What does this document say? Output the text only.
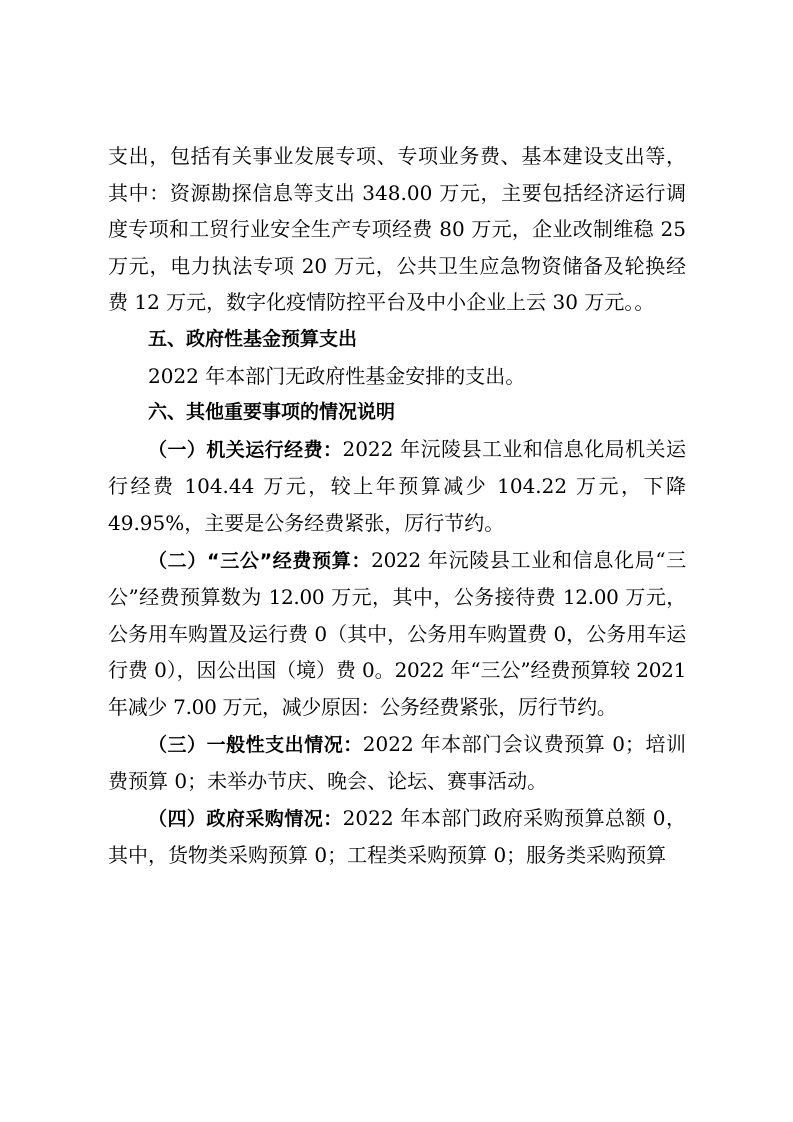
支出，包括有关事业发展专项、专项业务费、基本建设支出等，其中：资源勘探信息等支出 348.00 万元，主要包括经济运行调度专项和工贸行业安全生产专项经费 80 万元，企业改制维稳 25万元，电力执法专项 20 万元，公共卫生应急物资储备及轮换经费 12 万元，数字化疫情防控平台及中小企业上云 30 万元。。

五、政府性基金预算支出

2022 年本部门无政府性基金安排的支出。

六、其他重要事项的情况说明

（一）机关运行经费：2022 年沅陵县工业和信息化局机关运行经费 104.44 万元，较上年预算减少 104.22 万元，下降49.95%，主要是公务经费紧张，厉行节约。

（二）“三公”经费预算：2022 年沅陵县工业和信息化局“三公”经费预算数为 12.00 万元，其中，公务接待费 12.00 万元，公务用车购置及运行费 0（其中，公务用车购置费 0，公务用车运行费 0），因公出国（境）费 0。2022 年“三公”经费预算较 2021年减少 7.00 万元，减少原因：公务经费紧张，厉行节约。

（三）一般性支出情况：2022 年本部门会议费预算 0；培训费预算 0；未举办节庆、晚会、论坛、赛事活动。

（四）政府采购情况：2022 年本部门政府采购预算总额 0，其中，货物类采购预算 0；工程类采购预算 0；服务类采购预算
